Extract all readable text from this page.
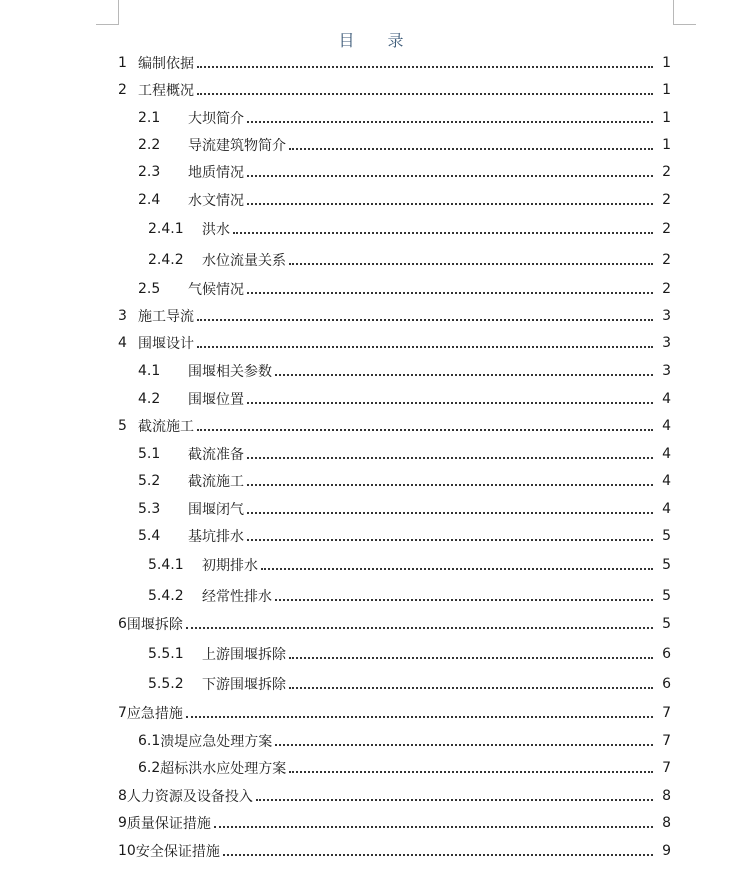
目 录
1 编制依据	1
2 工程概况	1
2.1	大坝简介	1
2.2	导流建筑物简介	1
2.3	地质情况	2
2.4	水文情况	2
2.4.1	洪水	2
2.4.2	水位流量关系	2
2.5	气候情况	2
3 施工导流	3
4 围堰设计	3
4.1	围堰相关参数	3
4.2	围堰位置	4
5 截流施工	4
5.1	截流准备	4
5.2	截流施工	4
5.3	围堰闭气	4
5.4	基坑排水	5
5.4.1	初期排水	5
5.4.2	经常性排水	5
6 围堰拆除	5
5.5.1	上游围堰拆除	6
5.5.2	下游围堰拆除	6
7 应急措施	7
6.1 溃堤应急处理方案	7
6.2 超标洪水应处理方案	7
8 人力资源及设备投入	8
9 质量保证措施	8
10 安全保证措施	9
